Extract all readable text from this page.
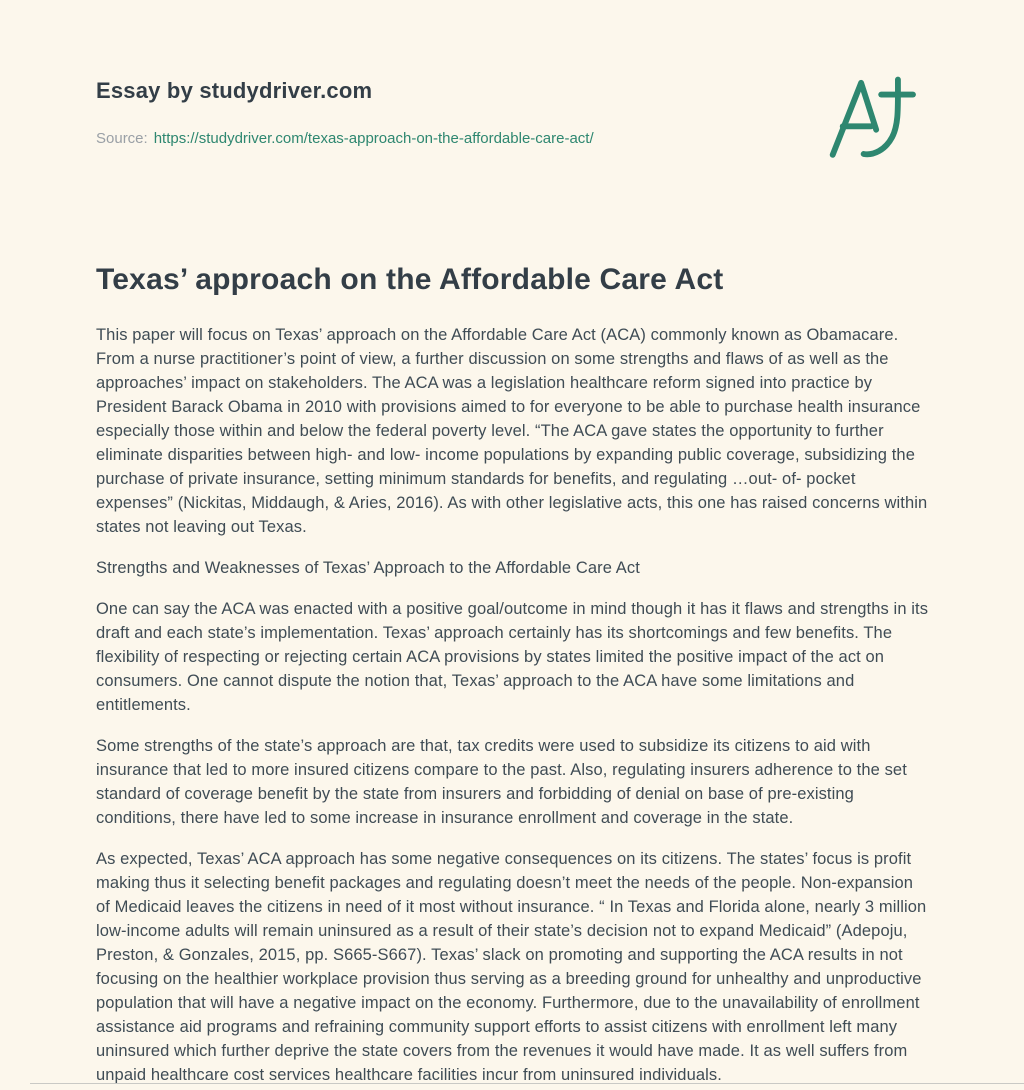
Essay by studydriver.com
Source: https://studydriver.com/texas-approach-on-the-affordable-care-act/
Texas’ approach on the Affordable Care Act

This paper will focus on Texas’ approach on the Affordable Care Act (ACA) commonly known as Obamacare. From a nurse practitioner’s point of view, a further discussion on some strengths and flaws of as well as the approaches’ impact on stakeholders. The ACA was a legislation healthcare reform signed into practice by President Barack Obama in 2010 with provisions aimed to for everyone to be able to purchase health insurance especially those within and below the federal poverty level. “The ACA gave states the opportunity to further eliminate disparities between high- and low- income populations by expanding public coverage, subsidizing the purchase of private insurance, setting minimum standards for benefits, and regulating …out- of- pocket expenses” (Nickitas, Middaugh, & Aries, 2016). As with other legislative acts, this one has raised concerns within states not leaving out Texas.

Strengths and Weaknesses of Texas’ Approach to the Affordable Care Act

One can say the ACA was enacted with a positive goal/outcome in mind though it has it flaws and strengths in its draft and each state’s implementation. Texas’ approach certainly has its shortcomings and few benefits. The flexibility of respecting or rejecting certain ACA provisions by states limited the positive impact of the act on consumers. One cannot dispute the notion that, Texas’ approach to the ACA have some limitations and entitlements.

Some strengths of the state’s approach are that, tax credits were used to subsidize its citizens to aid with insurance that led to more insured citizens compare to the past. Also, regulating insurers adherence to the set standard of coverage benefit by the state from insurers and forbidding of denial on base of pre-existing conditions, there have led to some increase in insurance enrollment and coverage in the state.

As expected, Texas’ ACA approach has some negative consequences on its citizens. The states’ focus is profit making thus it selecting benefit packages and regulating doesn’t meet the needs of the people. Non-expansion of Medicaid leaves the citizens in need of it most without insurance. “ In Texas and Florida alone, nearly 3 million low-income adults will remain uninsured as a result of their state’s decision not to expand Medicaid” (Adepoju, Preston, & Gonzales, 2015, pp. S665-S667). Texas’ slack on promoting and supporting the ACA results in not focusing on the healthier workplace provision thus serving as a breeding ground for unhealthy and unproductive population that will have a negative impact on the economy. Furthermore, due to the unavailability of enrollment assistance aid programs and refraining community support efforts to assist citizens with enrollment left many uninsured which further deprive the state covers from the revenues it would have made. It as well suffers from unpaid healthcare cost services healthcare facilities incur from uninsured individuals.
